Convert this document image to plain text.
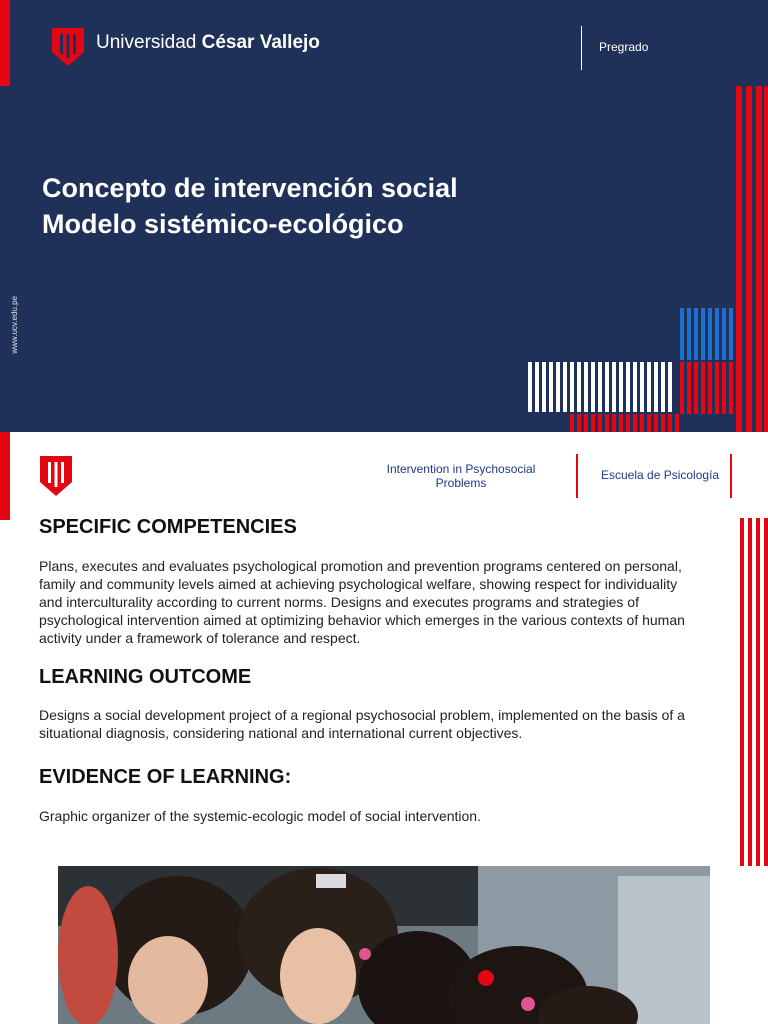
Universidad César Vallejo	Pregrado
Concepto de intervención social
Modelo sistémico-ecológico
www.ucv.edu.pe
Intervention in Psychosocial
Problems
Escuela de Psicología
SPECIFIC COMPETENCIES
Plans, executes and evaluates psychological promotion and prevention programs centered on personal, family and community levels aimed at achieving psychological welfare, showing respect for individuality and interculturality according to current norms. Designs and executes programs and strategies of psychological intervention aimed at optimizing behavior which emerges in the various contexts of human activity under a framework of tolerance and respect.
LEARNING OUTCOME
Designs a social development project of a regional psychosocial problem, implemented on the basis of a situational diagnosis, considering national and international current objectives.
EVIDENCE OF LEARNING:
Graphic organizer of the systemic-ecologic model of social intervention.
